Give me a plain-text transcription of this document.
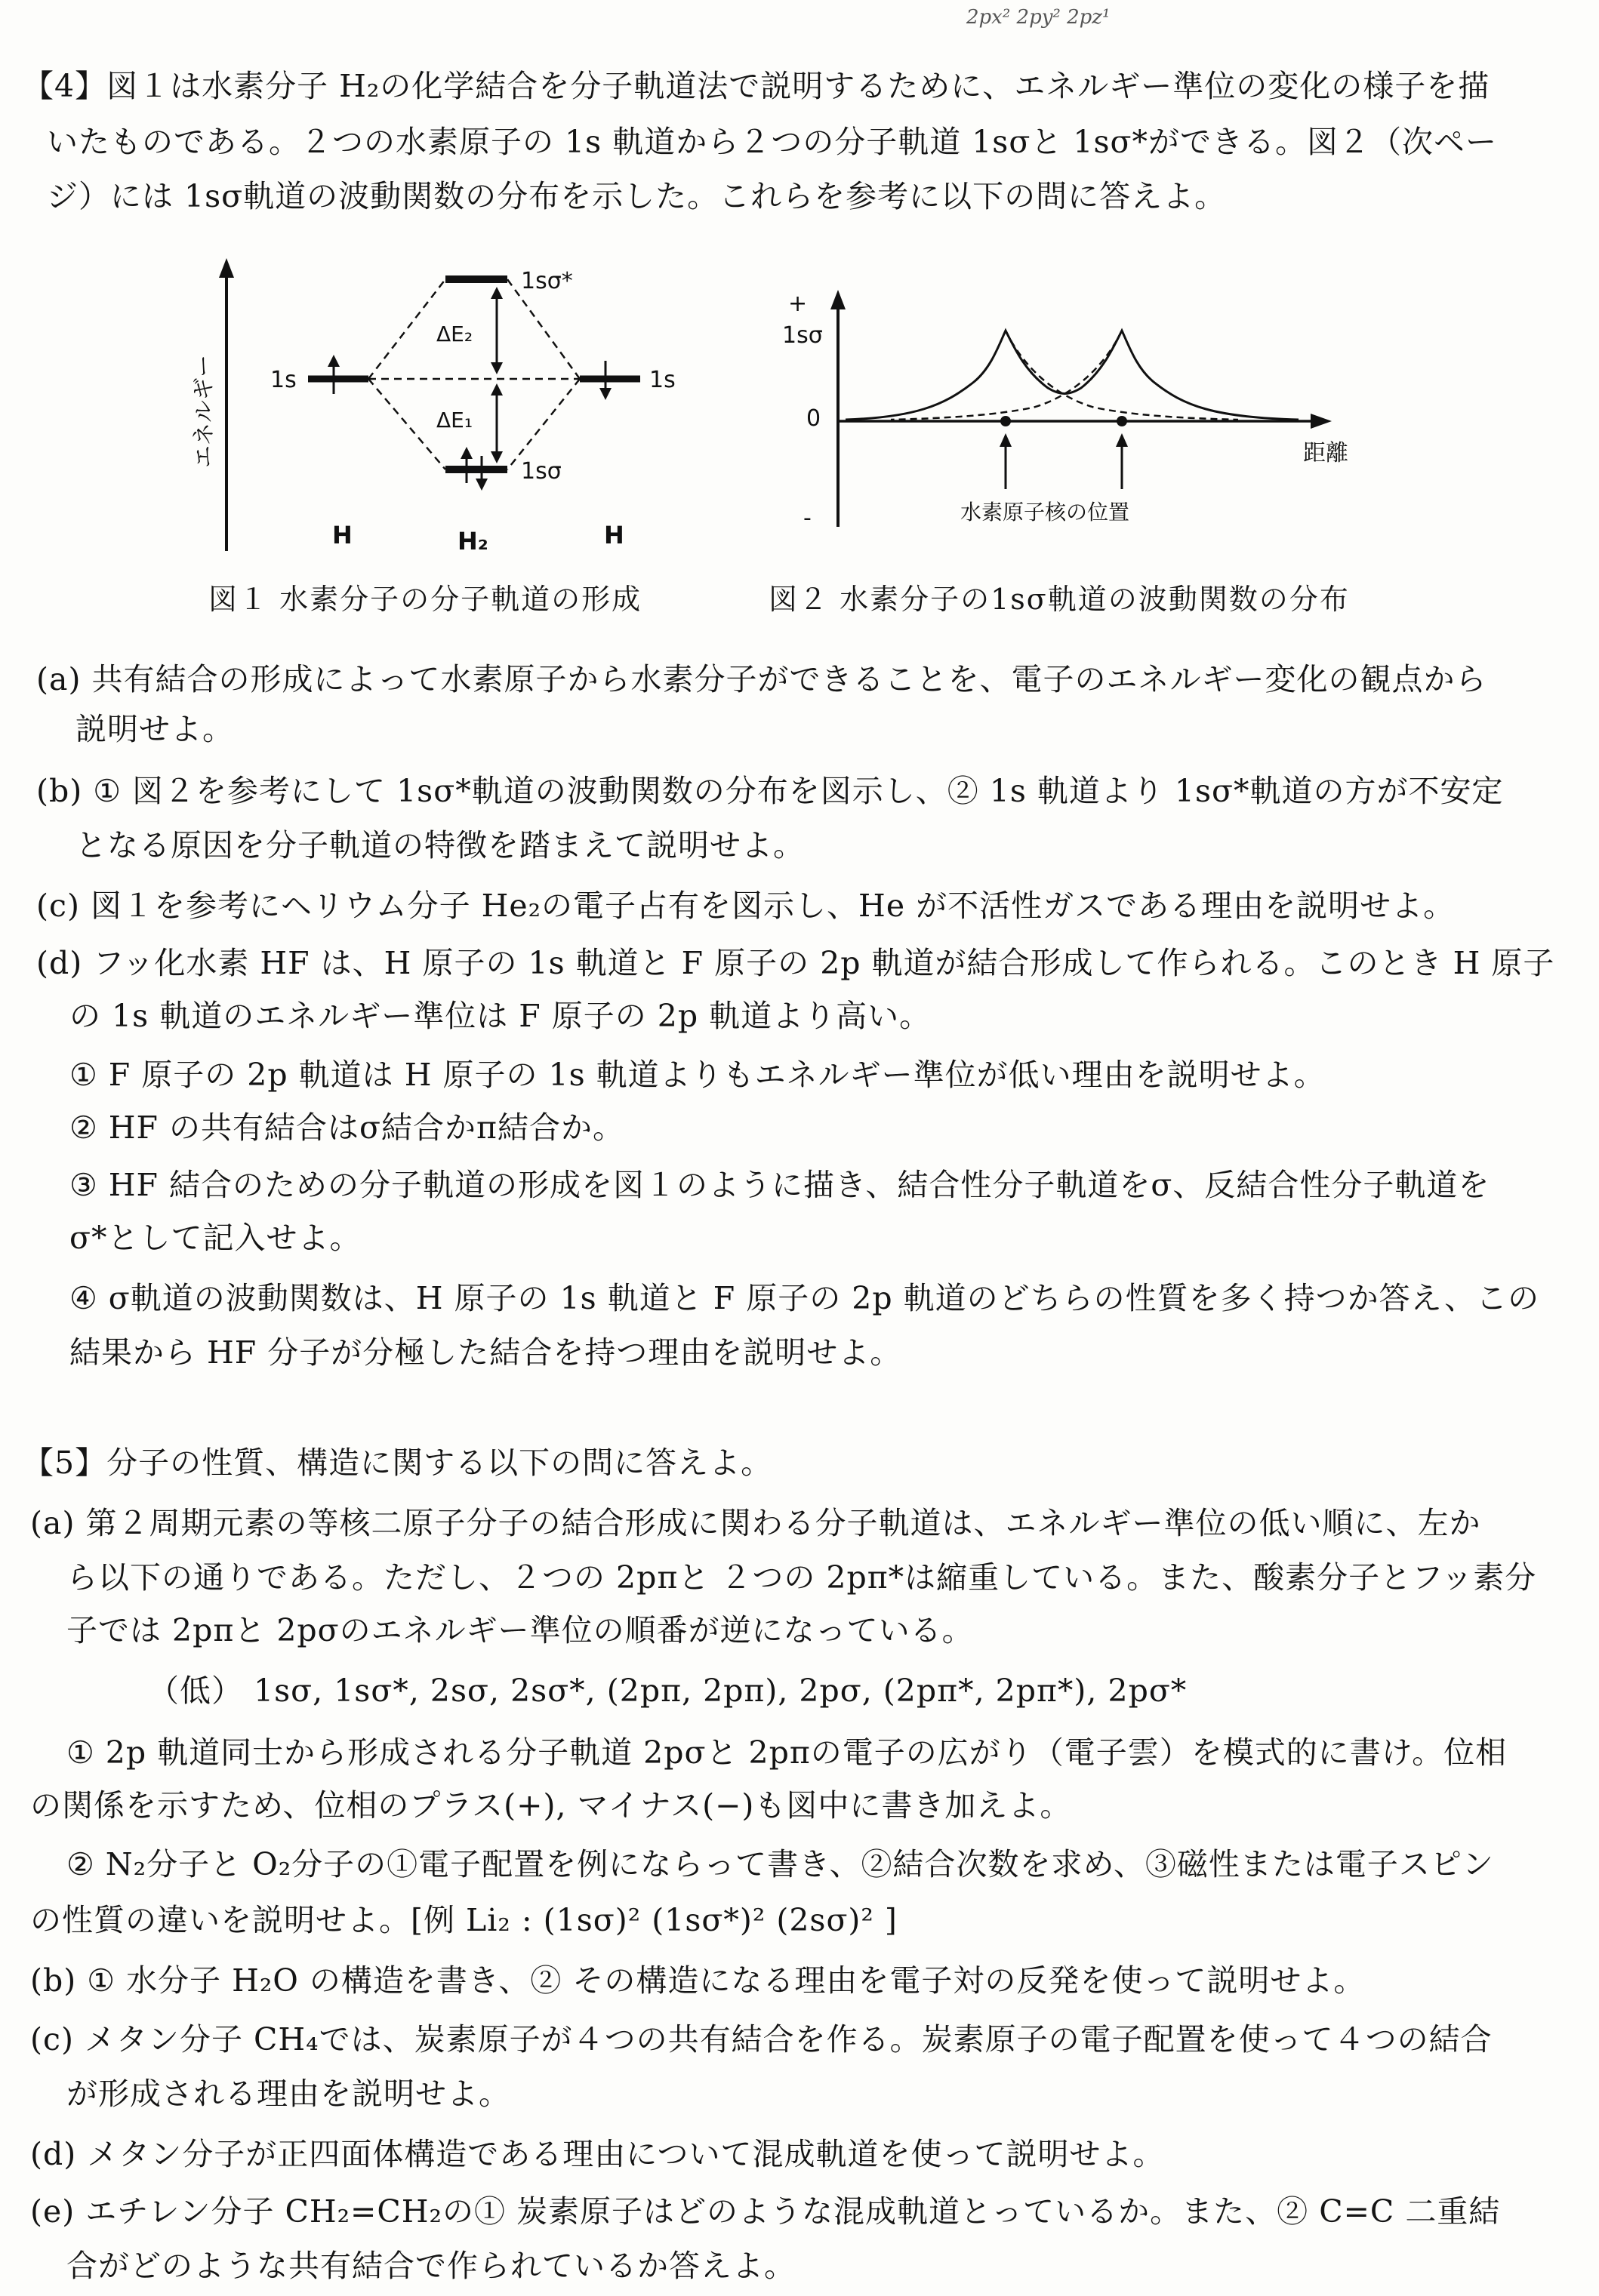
2px² 2py² 2pz¹
【4】図１は水素分子 H₂の化学結合を分子軌道法で説明するために、エネルギー準位の変化の様子を描
いたものである。２つの水素原子の 1s 軌道から２つの分子軌道 1sσと 1sσ*ができる。図２（次ペー
ジ）には 1sσ軌道の波動関数の分布を示した。これらを参考に以下の問に答えよ。
エネルギー 1s	1s
1sσ*
1sσ
ΔE₂
ΔE₁
H	H₂	H
図１ 水素分子の分子軌道の形成
+
1sσ
0
-
距離
水素原子核の位置
図２ 水素分子の1sσ軌道の波動関数の分布
(a) 共有結合の形成によって水素原子から水素分子ができることを、電子のエネルギー変化の観点から
説明せよ。
(b) ① 図２を参考にして 1sσ*軌道の波動関数の分布を図示し、② 1s 軌道より 1sσ*軌道の方が不安定
となる原因を分子軌道の特徴を踏まえて説明せよ。
(c) 図１を参考にヘリウム分子 He₂の電子占有を図示し、He が不活性ガスである理由を説明せよ。
(d) フッ化水素 HF は、H 原子の 1s 軌道と F 原子の 2p 軌道が結合形成して作られる。このとき H 原子
の 1s 軌道のエネルギー準位は F 原子の 2p 軌道より高い。
① F 原子の 2p 軌道は H 原子の 1s 軌道よりもエネルギー準位が低い理由を説明せよ。
② HF の共有結合はσ結合かπ結合か。
③ HF 結合のための分子軌道の形成を図１のように描き、結合性分子軌道をσ、反結合性分子軌道を
σ*として記入せよ。
④ σ軌道の波動関数は、H 原子の 1s 軌道と F 原子の 2p 軌道のどちらの性質を多く持つか答え、この
結果から HF 分子が分極した結合を持つ理由を説明せよ。
【5】分子の性質、構造に関する以下の問に答えよ。
(a) 第２周期元素の等核二原子分子の結合形成に関わる分子軌道は、エネルギー準位の低い順に、左か
ら以下の通りである。ただし、２つの 2pπと ２つの 2pπ*は縮重している。また、酸素分子とフッ素分
子では 2pπと 2pσのエネルギー準位の順番が逆になっている。
（低） 1sσ, 1sσ*, 2sσ, 2sσ*, (2pπ, 2pπ), 2pσ, (2pπ*, 2pπ*), 2pσ*
① 2p 軌道同士から形成される分子軌道 2pσと 2pπの電子の広がり（電子雲）を模式的に書け。位相
の関係を示すため、位相のプラス(+), マイナス(−)も図中に書き加えよ。
② N₂分子と O₂分子の①電子配置を例にならって書き、②結合次数を求め、③磁性または電子スピン
の性質の違いを説明せよ。[例 Li₂ : (1sσ)² (1sσ*)² (2sσ)² ]
(b) ① 水分子 H₂O の構造を書き、② その構造になる理由を電子対の反発を使って説明せよ。
(c) メタン分子 CH₄では、炭素原子が４つの共有結合を作る。炭素原子の電子配置を使って４つの結合
が形成される理由を説明せよ。
(d) メタン分子が正四面体構造である理由について混成軌道を使って説明せよ。
(e) エチレン分子 CH₂=CH₂の① 炭素原子はどのような混成軌道とっているか。また、② C=C 二重結
合がどのような共有結合で作られているか答えよ。
